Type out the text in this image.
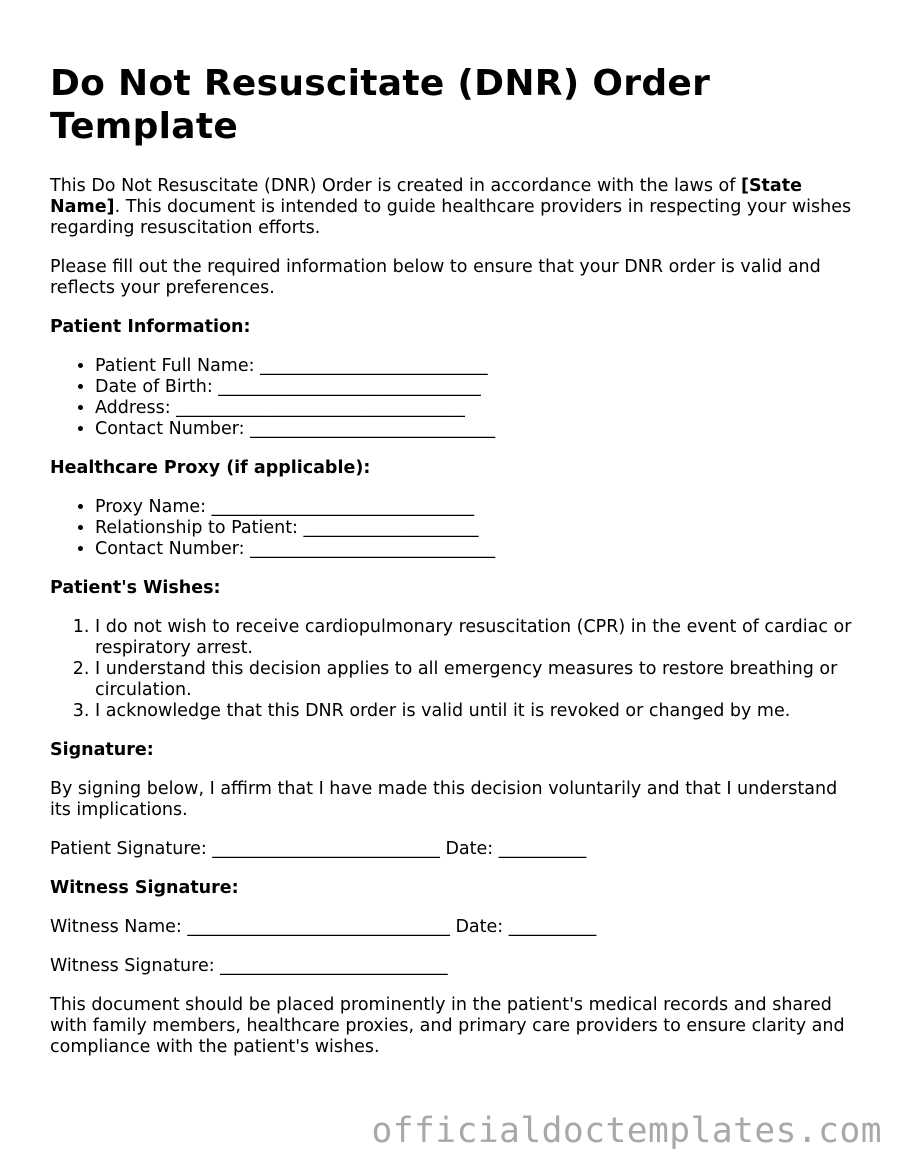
Do Not Resuscitate (DNR) Order Template

This Do Not Resuscitate (DNR) Order is created in accordance with the laws of [State Name]. This document is intended to guide healthcare providers in respecting your wishes regarding resuscitation efforts.

Please fill out the required information below to ensure that your DNR order is valid and reflects your preferences.

Patient Information:

• Patient Full Name: __________________________
• Date of Birth: ______________________________
• Address: _________________________________
• Contact Number: ____________________________

Healthcare Proxy (if applicable):

• Proxy Name: ______________________________
• Relationship to Patient: ____________________
• Contact Number: ____________________________

Patient's Wishes:

1. I do not wish to receive cardiopulmonary resuscitation (CPR) in the event of cardiac or respiratory arrest.
2. I understand this decision applies to all emergency measures to restore breathing or circulation.
3. I acknowledge that this DNR order is valid until it is revoked or changed by me.

Signature:

By signing below, I affirm that I have made this decision voluntarily and that I understand its implications.

Patient Signature: __________________________ Date: __________

Witness Signature:

Witness Name: ______________________________ Date: __________

Witness Signature: __________________________

This document should be placed prominently in the patient's medical records and shared with family members, healthcare proxies, and primary care providers to ensure clarity and compliance with the patient's wishes.

officialdoctemplates.com
